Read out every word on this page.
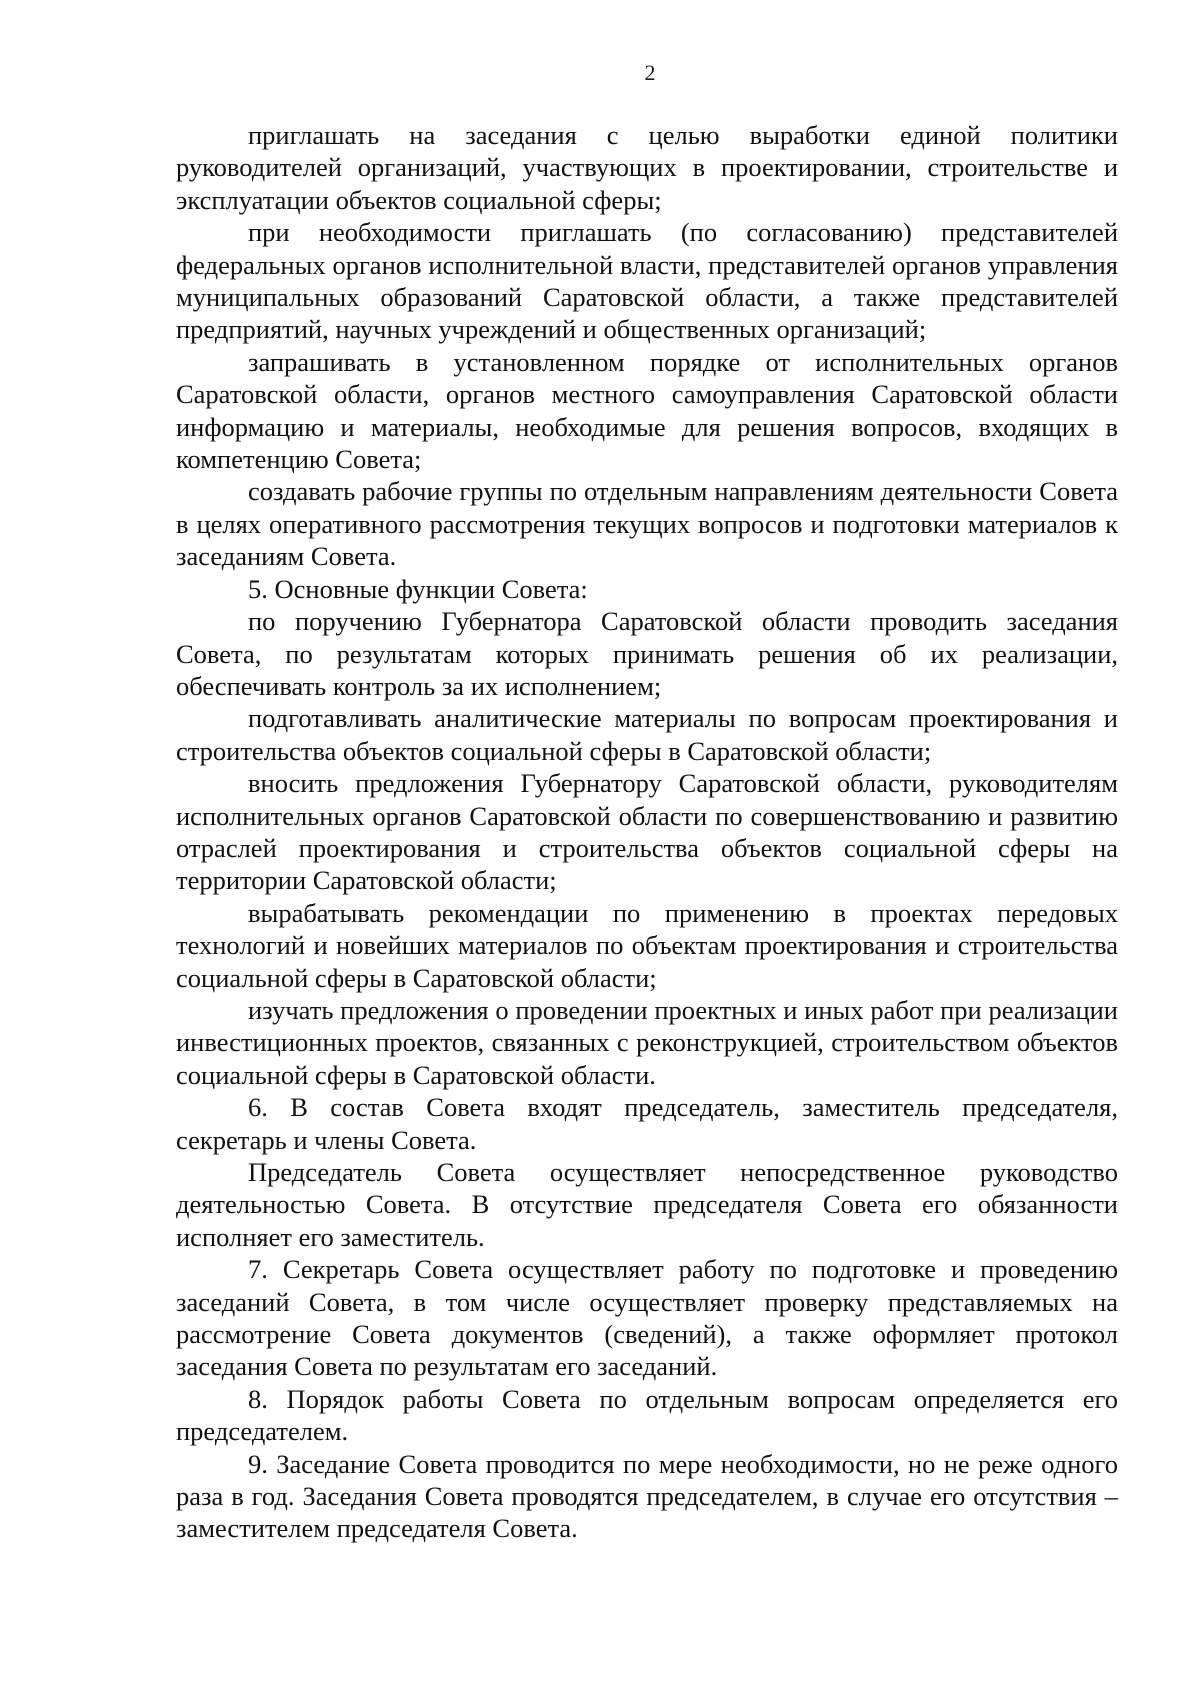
2

приглашать на заседания с целью выработки единой политики руководителей организаций, участвующих в проектировании, строительстве и эксплуатации объектов социальной сферы;

при необходимости приглашать (по согласованию) представителей федеральных органов исполнительной власти, представителей органов управления муниципальных образований Саратовской области, а также представителей предприятий, научных учреждений и общественных организаций;

запрашивать в установленном порядке от исполнительных органов Саратовской области, органов местного самоуправления Саратовской области информацию и материалы, необходимые для решения вопросов, входящих в компетенцию Совета;

создавать рабочие группы по отдельным направлениям деятельности Совета в целях оперативного рассмотрения текущих вопросов и подготовки материалов к заседаниям Совета.

5. Основные функции Совета:

по поручению Губернатора Саратовской области проводить заседания Совета, по результатам которых принимать решения об их реализации, обеспечивать контроль за их исполнением;

подготавливать аналитические материалы по вопросам проектирования и строительства объектов социальной сферы в Саратовской области;

вносить предложения Губернатору Саратовской области, руководителям исполнительных органов Саратовской области по совершенствованию и развитию отраслей проектирования и строительства объектов социальной сферы на территории Саратовской области;

вырабатывать рекомендации по применению в проектах передовых технологий и новейших материалов по объектам проектирования и строительства социальной сферы в Саратовской области;

изучать предложения о проведении проектных и иных работ при реализации инвестиционных проектов, связанных с реконструкцией, строительством объектов социальной сферы в Саратовской области.

6. В состав Совета входят председатель, заместитель председателя, секретарь и члены Совета.

Председатель Совета осуществляет непосредственное руководство деятельностью Совета. В отсутствие председателя Совета его обязанности исполняет его заместитель.

7. Секретарь Совета осуществляет работу по подготовке и проведению заседаний Совета, в том числе осуществляет проверку представляемых на рассмотрение Совета документов (сведений), а также оформляет протокол заседания Совета по результатам его заседаний.

8. Порядок работы Совета по отдельным вопросам определяется его председателем.

9. Заседание Совета проводится по мере необходимости, но не реже одного раза в год. Заседания Совета проводятся председателем, в случае его отсутствия – заместителем председателя Совета.
